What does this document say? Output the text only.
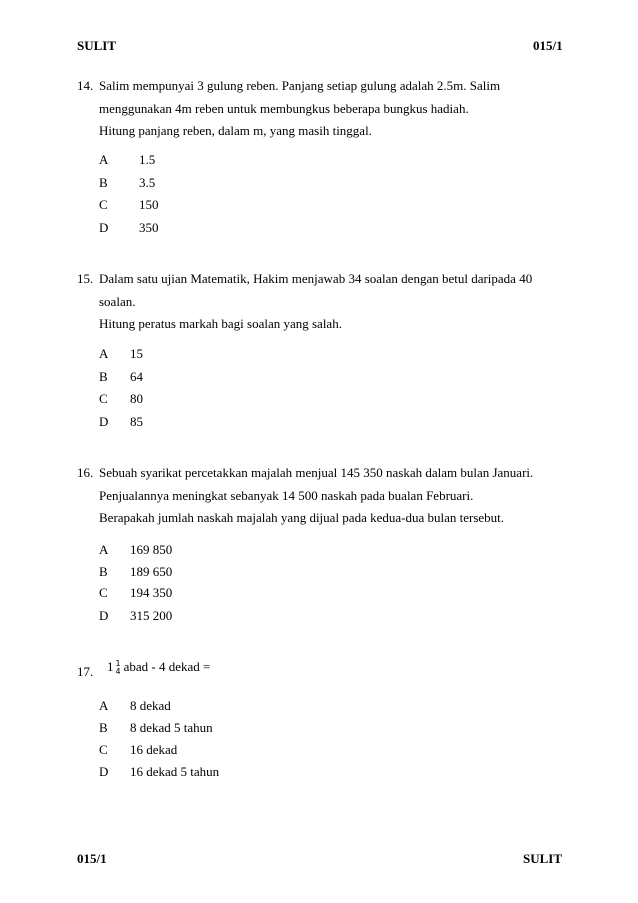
SULIT	015/1
14. Salim mempunyai 3 gulung reben. Panjang setiap gulung adalah 2.5m. Salim
menggunakan 4m reben untuk membungkus beberapa bungkus hadiah.
Hitung panjang reben, dalam m, yang masih tinggal.
A 1.5
B 3.5
C 150
D 350
15. Dalam satu ujian Matematik, Hakim menjawab 34 soalan dengan betul daripada 40
soalan.
Hitung peratus markah bagi soalan yang salah.
A 15
B 64
C 80
D 85
16. Sebuah syarikat percetakkan majalah menjual 145 350 naskah dalam bulan Januari.
Penjualannya meningkat sebanyak 14 500 naskah pada bualan Februari.
Berapakah jumlah naskah majalah yang dijual pada kedua-dua bulan tersebut.
A 169 850
B 189 650
C 194 350
D 315 200
17. 1 1
4 abad - 4 dekad =
A 8 dekad
B 8 dekad 5 tahun
C 16 dekad
D 16 dekad 5 tahun
015/1	SULIT
